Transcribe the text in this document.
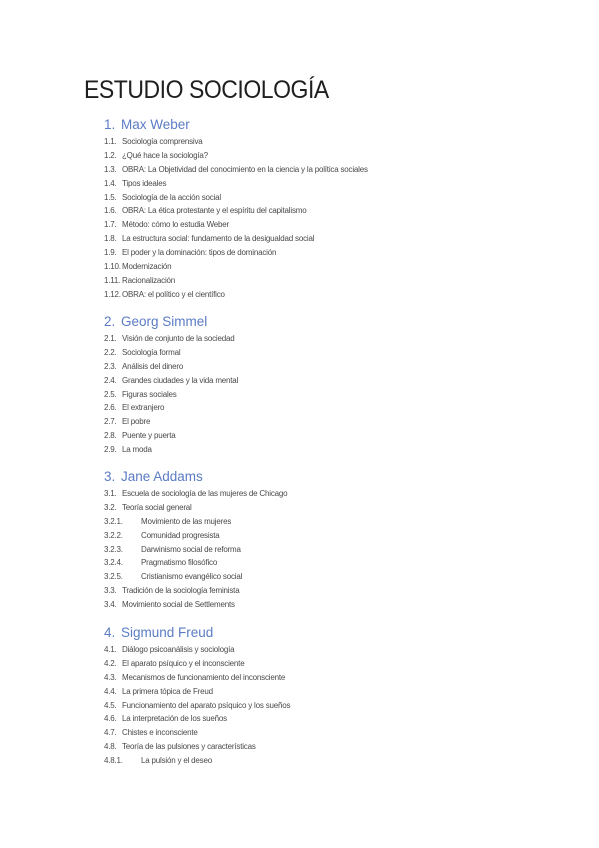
ESTUDIO SOCIOLOGÍA
1. Max Weber
1.1. Sociología comprensiva
1.2. ¿Qué hace la sociología?
1.3. OBRA: La Objetividad del conocimiento en la ciencia y la política sociales
1.4. Tipos ideales
1.5. Sociología de la acción social
1.6. OBRA: La ética protestante y el espíritu del capitalismo
1.7. Método: cómo lo estudia Weber
1.8. La estructura social: fundamento de la desigualdad social
1.9. El poder y la dominación: tipos de dominación
1.10. Modernización
1.11. Racionalización
1.12. OBRA: el político y el científico
2. Georg Simmel
2.1. Visión de conjunto de la sociedad
2.2. Sociología formal
2.3. Análisis del dinero
2.4. Grandes ciudades y la vida mental
2.5. Figuras sociales
2.6. El extranjero
2.7. El pobre
2.8. Puente y puerta
2.9. La moda
3. Jane Addams
3.1. Escuela de sociología de las mujeres de Chicago
3.2. Teoría social general
3.2.1.	Movimiento de las mujeres
3.2.2.	Comunidad progresista
3.2.3.	Darwinismo social de reforma
3.2.4.	Pragmatismo filosófico
3.2.5.	Cristianismo evangélico social
3.3. Tradición de la sociología feminista
3.4. Movimiento social de Settlements
4. Sigmund Freud
4.1. Diálogo psicoanálisis y sociología
4.2. El aparato psíquico y el inconsciente
4.3. Mecanismos de funcionamiento del inconsciente
4.4. La primera tópica de Freud
4.5. Funcionamiento del aparato psíquico y los sueños
4.6. La interpretación de los sueños
4.7. Chistes e inconsciente
4.8. Teoría de las pulsiones y características
4.8.1.	La pulsión y el deseo
